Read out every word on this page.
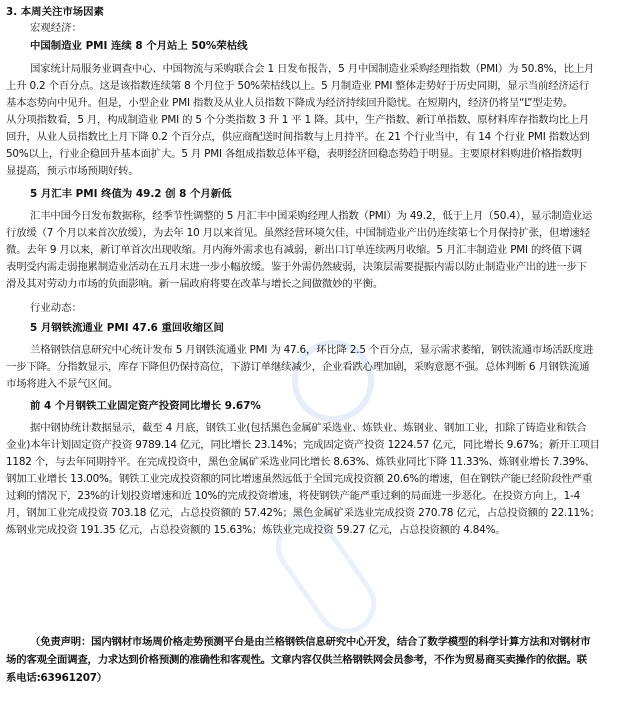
3. 本周关注市场因素
宏观经济：
中国制造业 PMI 连续 8 个月站上 50%荣枯线
国家统计局服务业调查中心、中国物流与采购联合会 1 日发布报告，5 月中国制造业采购经理指数（PMI）为 50.8%，比上月
上升 0.2 个百分点。这是该指数连续第 8 个月位于 50%荣枯线以上。5 月制造业 PMI 整体走势好于历史同期，显示当前经济运行
基本态势向中见升。但是，小型企业 PMI 指数及从业人员指数下降成为经济持续回升隐忧。在短期内，经济仍将呈“L”型走势。
从分项指数看，5 月，构成制造业 PMI 的 5 个分类指数 3 升 1 平 1 降。其中，生产指数、新订单指数、原材料库存指数均比上月
回升，从业人员指数比上月下降 0.2 个百分点，供应商配送时间指数与上月持平。在 21 个行业当中，有 14 个行业 PMI 指数达到
50%以上，行业企稳回升基本面扩大。5 月 PMI 各组成指数总体平稳，表明经济回稳态势趋于明显。主要原材料购进价格指数明
显提高，预示市场预期好转。
5 月汇丰 PMI 终值为 49.2 创 8 个月新低
汇丰中国今日发布数据称，经季节性调整的 5 月汇丰中国采购经理人指数（PMI）为 49.2，低于上月（50.4），显示制造业运
行放缓（7 个月以来首次放缓），为去年 10 月以来首见。虽然经营环境欠佳，中国制造业产出仍连续第七个月保持扩张，但增速轻
微。去年 9 月以来，新订单首次出现收缩。月内海外需求也有减弱，新出口订单连续两月收缩。5 月汇丰制造业 PMI 的终值下调
表明受内需走弱拖累制造业活动在五月末进一步小幅放缓。鉴于外需仍然疲弱，决策层需要提振内需以防止制造业产出的进一步下
滑及其对劳动力市场的负面影响。新一届政府将要在改革与增长之间做微妙的平衡。
行业动态：
5 月钢铁流通业 PMI 47.6 重回收缩区间
兰格钢铁信息研究中心统计发布 5 月钢铁流通业 PMI 为 47.6，环比降 2.5 个百分点，显示需求萎缩，钢铁流通市场活跃度进
一步下降。分指数显示，库存下降但仍保持高位，下游订单继续减少，企业看跌心理加剧，采购意愿不强。总体判断 6 月钢铁流通
市场将进入不景气区间。
前 4 个月钢铁工业固定资产投资同比增长 9.67%
据中钢协统计数据显示，截至 4 月底，钢铁工业(包括黑色金属矿采选业、炼铁业、炼钢业、钢加工业，扣除了铸造业和铁合
金业)本年计划固定资产投资 9789.14 亿元，同比增长 23.14%；完成固定资产投资 1224.57 亿元，同比增长 9.67%；新开工项目
1182 个，与去年同期持平。在完成投资中，黑色金属矿采选业同比增长 8.63%、炼铁业同比下降 11.33%、炼钢业增长 7.39%、
钢加工业增长 13.00%。钢铁工业完成投资额的同比增速虽然远低于全国完成投资额 20.6%的增速，但在钢铁产能已经阶段性严重
过剩的情况下，23%的计划投资增速和近 10%的完成投资增速，将使钢铁产能严重过剩的局面进一步恶化。在投资方向上，1-4
月，钢加工业完成投资 703.18 亿元，占总投资额的 57.42%；黑色金属矿采选业完成投资 270.78 亿元，占总投资额的 22.11%；
炼钢业完成投资 191.35 亿元，占总投资额的 15.63%；炼铁业完成投资 59.27 亿元，占总投资额的 4.84%。
（免责声明：国内钢材市场周价格走势预测平台是由兰格钢铁信息研究中心开发，结合了数学模型的科学计算方法和对钢材市
场的客观全面调查，力求达到价格预测的准确性和客观性。文章内容仅供兰格钢铁网会员参考，不作为贸易商买卖操作的依据。联
系电话:63961207）
